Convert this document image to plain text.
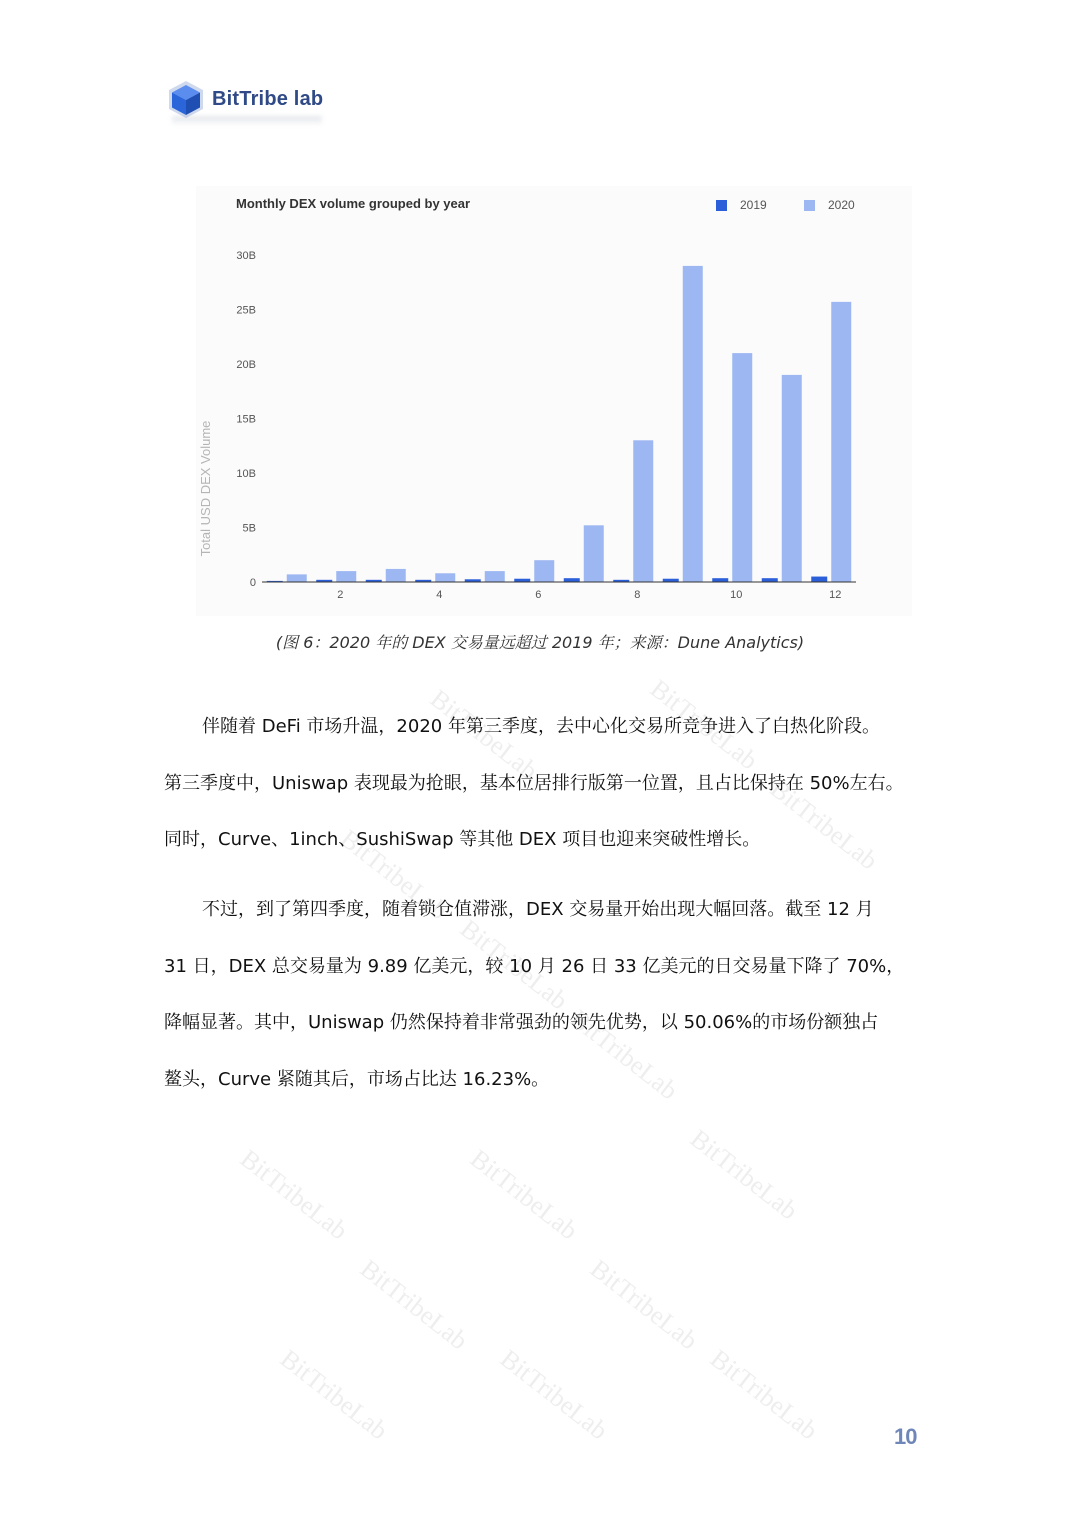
BitTribeLab	BitTribeLab
BitTribeLab
BitTribeLab
BitTribeLab
BitTribeLab
BitTribeLab	BitTribeLab	BitTribeLab
BitTribeLab	BitTribeLab
BitTribeLab	BitTribeLab	BitTribeLab
BitTribe lab
Monthly DEX volume grouped by year	2019	2020
Total USD DEX Volume
0
5B
10B
15B
20B
25B
30B
2	4	6	8	10	12
(图 6：2020 年的 DEX 交易量远超过 2019 年；来源：Dune Analytics)
伴随着 DeFi 市场升温，2020 年第三季度，去中心化交易所竞争进入了白热化阶段。
第三季度中，Uniswap 表现最为抢眼，基本位居排行版第一位置，且占比保持在 50%左右。
同时，Curve、1inch、SushiSwap 等其他 DEX 项目也迎来突破性增长。
不过，到了第四季度，随着锁仓值滞涨，DEX 交易量开始出现大幅回落。截至 12 月
31 日，DEX 总交易量为 9.89 亿美元，较 10 月 26 日 33 亿美元的日交易量下降了 70%，
降幅显著。其中，Uniswap 仍然保持着非常强劲的领先优势，以 50.06%的市场份额独占
鳌头，Curve 紧随其后，市场占比达 16.23%。
10
